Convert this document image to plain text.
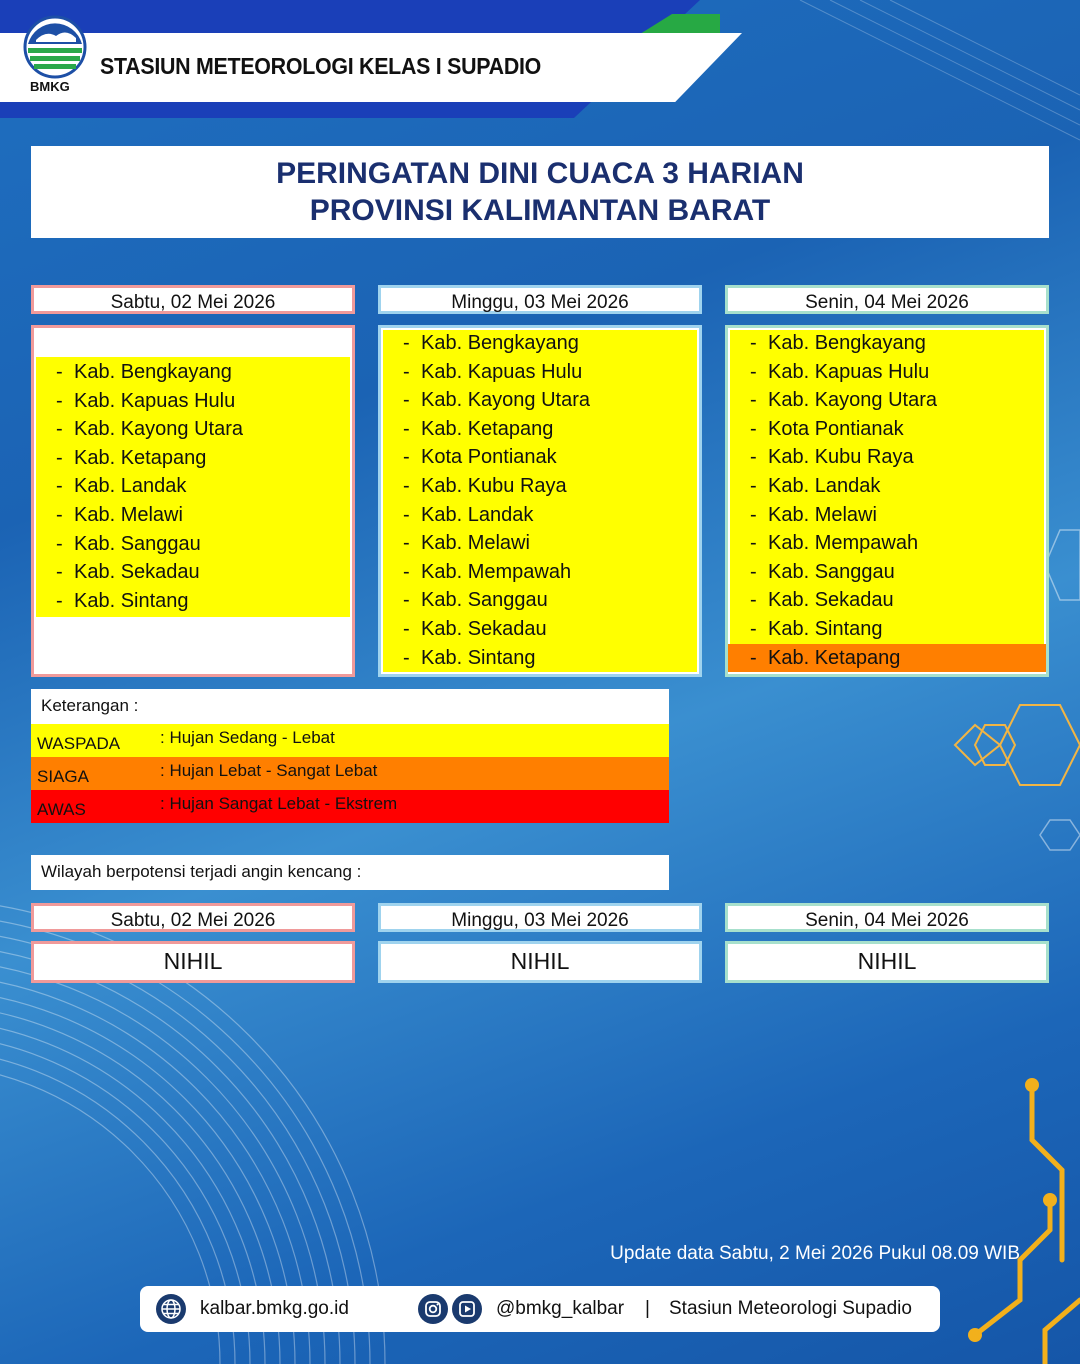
BMKG
STASIUN METEOROLOGI KELAS I SUPADIO
PERINGATAN DINI CUACA 3 HARIAN
PROVINSI KALIMANTAN BARAT
Sabtu, 02 Mei 2026
- Kab. Bengkayang
- Kab. Kapuas Hulu
- Kab. Kayong Utara
- Kab. Ketapang
- Kab. Landak
- Kab. Melawi
- Kab. Sanggau
- Kab. Sekadau
- Kab. Sintang
Minggu, 03 Mei 2026
- Kab. Bengkayang
- Kab. Kapuas Hulu
- Kab. Kayong Utara
- Kab. Ketapang
- Kota Pontianak
- Kab. Kubu Raya
- Kab. Landak
- Kab. Melawi
- Kab. Mempawah
- Kab. Sanggau
- Kab. Sekadau
- Kab. Sintang
Senin, 04 Mei 2026
- Kab. Bengkayang
- Kab. Kapuas Hulu
- Kab. Kayong Utara
- Kota Pontianak
- Kab. Kubu Raya
- Kab. Landak
- Kab. Melawi
- Kab. Mempawah
- Kab. Sanggau
- Kab. Sekadau
- Kab. Sintang
- Kab. Ketapang
Keterangan :
WASPADA : Hujan Sedang - Lebat
SIAGA	: Hujan Lebat - Sangat Lebat
AWAS	: Hujan Sangat Lebat - Ekstrem
Wilayah berpotensi terjadi angin kencang :
Sabtu, 02 Mei 2026	Minggu, 03 Mei 2026	Senin, 04 Mei 2026
NIHIL	NIHIL	NIHIL
Update data Sabtu, 2 Mei 2026 Pukul 08.09 WIB
kalbar.bmkg.go.id	@bmkg_kalbar | Stasiun Meteorologi Supadio
